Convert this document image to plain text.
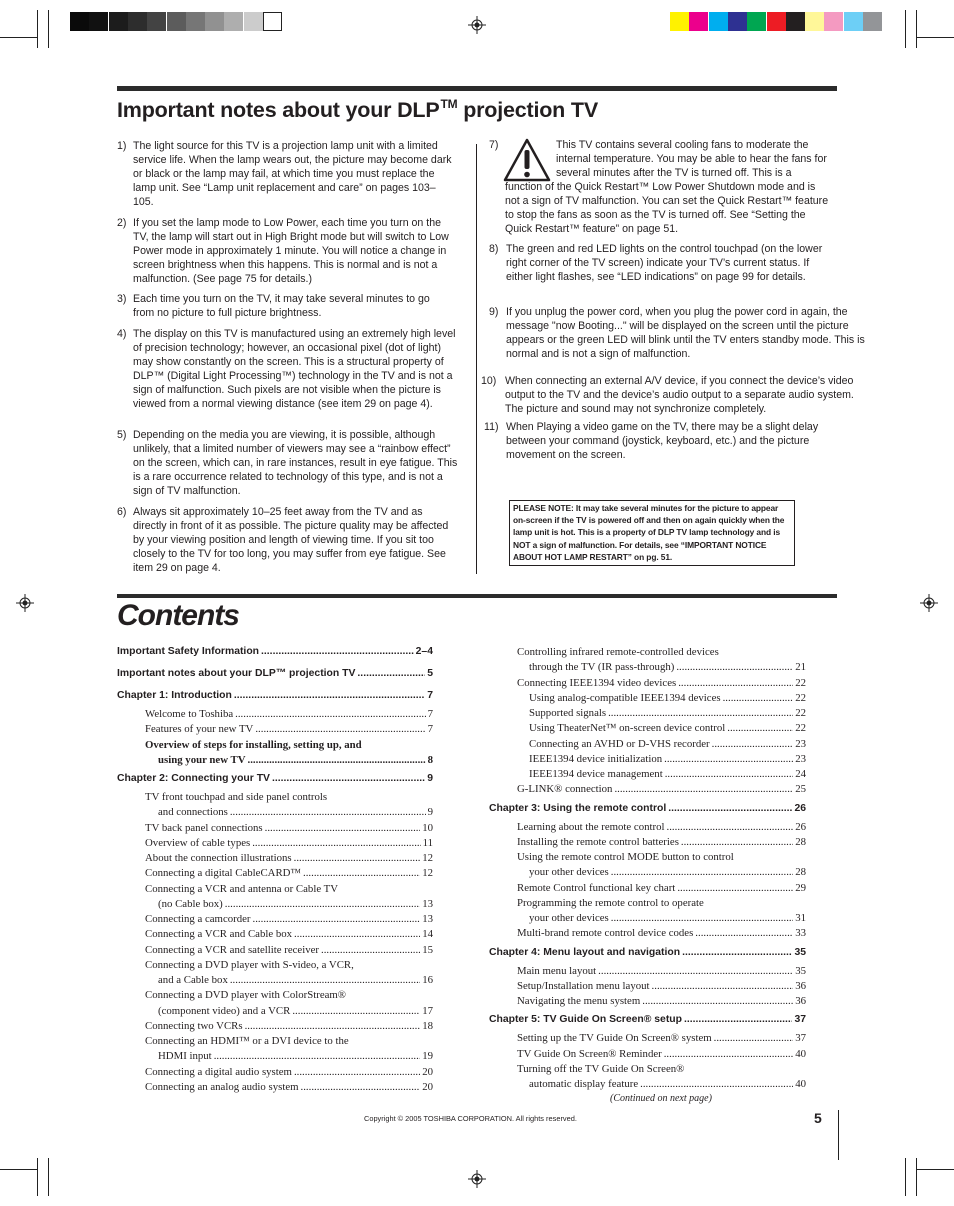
Important notes about your DLP™ projection TV
1) The light source for this TV is a projection lamp unit with a limited service life. When the lamp wears out, the picture may become dark or black or the lamp may fail, at which time you must replace the lamp unit. See “Lamp unit replacement and care” on pages 103–105.
2) If you set the lamp mode to Low Power, each time you turn on the TV, the lamp will start out in High Bright mode but will switch to Low Power mode in approximately 1 minute. You will notice a change in screen brightness when this happens. This is normal and is not a malfunction. (See page 75 for details.)
3) Each time you turn on the TV, it may take several minutes to go from no picture to full picture brightness.
4) The display on this TV is manufactured using an extremely high level of precision technology; however, an occasional pixel (dot of light) may show constantly on the screen. This is a structural property of DLP™ (Digital Light Processing™) technology in the TV and is not a sign of malfunction. Such pixels are not visible when the picture is viewed from a normal viewing distance (see item 29 on page 4).
5) Depending on the media you are viewing, it is possible, although unlikely, that a limited number of viewers may see a “rainbow effect” on the screen, which can, in rare instances, result in eye fatigue. This is a rare occurrence related to technology of this type, and is not a sign of TV malfunction.
6) Always sit approximately 10–25 feet away from the TV and as directly in front of it as possible. The picture quality may be affected by your viewing position and length of viewing time. If you sit too closely to the TV for too long, you may suffer from eye fatigue. See item 29 on page 4.
7)	This TV contains several cooling fans to moderate the internal temperature. You may be able to hear the fans for several minutes after the TV is turned off. This is a function of the Quick Restart™ Low Power Shutdown mode and is not a sign of TV malfunction. You can set the Quick Restart™ feature to stop the fans as soon as the TV is turned off. See “Setting the Quick Restart™ feature” on page 51.
8) The green and red LED lights on the control touchpad (on the lower right corner of the TV screen) indicate your TV’s current status. If either light flashes, see “LED indications” on page 99 for details.
9) If you unplug the power cord, when you plug the power cord in again, the message "now Booting..." will be displayed on the screen until the picture appears or the green LED will blink until the TV enters standby mode. This is normal and is not a sign of malfunction.
10) When connecting an external A/V device, if you connect the device’s video output to the TV and the device’s audio output to a separate audio system. The picture and sound may not synchronize completely.
11) When Playing a video game on the TV, there may be a slight delay between your command (joystick, keyboard, etc.) and the picture movement on the screen.
PLEASE NOTE: It may take several minutes for the picture to appear on-screen if the TV is powered off and then on again quickly when the lamp unit is hot. This is a property of DLP TV lamp technology and is NOT a sign of malfunction. For details, see “IMPORTANT NOTICE ABOUT HOT LAMP RESTART” on pg. 51.
Contents
Important Safety Information .....	2–4
Important notes about your DLP™ projection TV .....	5
Chapter 1: Introduction .....	7
Welcome to Toshiba .....	7
Features of your new TV .....	7
Overview of steps for installing, setting up, and
using your new TV .....	8
Chapter 2: Connecting your TV .....	9
TV front touchpad and side panel controls
and connections .....	9
TV back panel connections .....	10
Overview of cable types .....	11
About the connection illustrations .....	12
Connecting a digital CableCARD™ .....	12
Connecting a VCR and antenna or Cable TV
(no Cable box) .....	13
Connecting a camcorder .....	13
Connecting a VCR and Cable box .....	14
Connecting a VCR and satellite receiver .....	15
Connecting a DVD player with S-video, a VCR,
and a Cable box .....	16
Connecting a DVD player with ColorStream®
(component video) and a VCR .....	17
Connecting two VCRs .....	18
Connecting an HDMI™ or a DVI device to the
HDMI input .....	19
Connecting a digital audio system .....	20
Connecting an analog audio system .....	20
Controlling infrared remote-controlled devices
through the TV (IR pass-through) .....	21
Connecting IEEE1394 video devices .....	22
Using analog-compatible IEEE1394 devices .....	22
Supported signals .....	22
Using TheaterNet™ on-screen device control .....	22
Connecting an AVHD or D-VHS recorder .....	23
IEEE1394 device initialization .....	23
IEEE1394 device management .....	24
G-LINK® connection .....	25
Chapter 3: Using the remote control .....	26
Learning about the remote control .....	26
Installing the remote control batteries .....	28
Using the remote control MODE button to control
your other devices .....	28
Remote Control functional key chart .....	29
Programming the remote control to operate
your other devices .....	31
Multi-brand remote control device codes .....	33
Chapter 4: Menu layout and navigation .....	35
Main menu layout .....	35
Setup/Installation menu layout .....	36
Navigating the menu system .....	36
Chapter 5: TV Guide On Screen® setup .....	37
Setting up the TV Guide On Screen® system .....	37
TV Guide On Screen® Reminder .....	40
Turning off the TV Guide On Screen®
automatic display feature .....	40
(Continued on next page)
Copyright © 2005 TOSHIBA CORPORATION. All rights reserved.	5
